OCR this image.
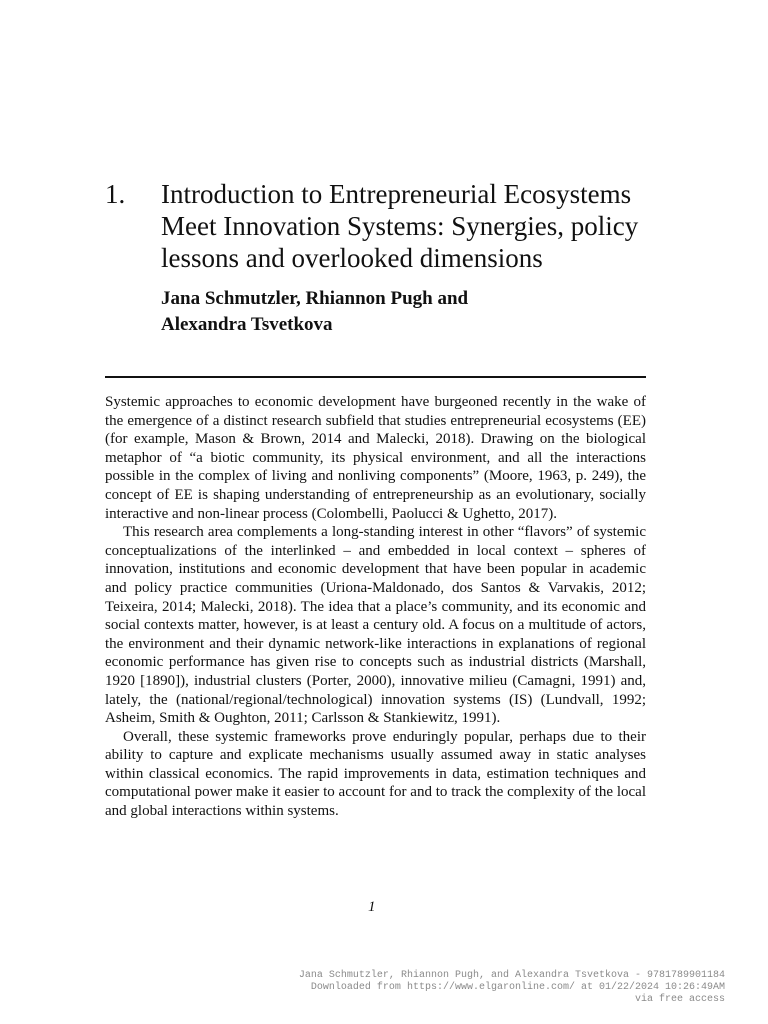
1. Introduction to Entrepreneurial Ecosystems Meet Innovation Systems: Synergies, policy lessons and overlooked dimensions
Jana Schmutzler, Rhiannon Pugh and
Alexandra Tsvetkova

Systemic approaches to economic development have burgeoned recently in the wake of the emergence of a distinct research subfield that studies entrepreneurial ecosystems (EE) (for example, Mason & Brown, 2014 and Malecki, 2018). Drawing on the biological metaphor of “a biotic community, its physical environment, and all the interactions possible in the complex of living and nonliving components” (Moore, 1963, p. 249), the concept of EE is shaping understanding of entrepreneurship as an evolutionary, socially interactive and non-linear process (Colombelli, Paolucci & Ughetto, 2017).

This research area complements a long-standing interest in other “flavors” of systemic conceptualizations of the interlinked – and embedded in local context – spheres of innovation, institutions and economic development that have been popular in academic and policy practice communities (Uriona-Maldonado, dos Santos & Varvakis, 2012; Teixeira, 2014; Malecki, 2018). The idea that a place’s community, and its economic and social contexts matter, however, is at least a century old. A focus on a multitude of actors, the environment and their dynamic network-like interactions in explanations of regional economic performance has given rise to concepts such as industrial districts (Marshall, 1920 [1890]), industrial clusters (Porter, 2000), innovative milieu (Camagni, 1991) and, lately, the (national/regional/technological) innovation systems (IS) (Lundvall, 1992; Asheim, Smith & Oughton, 2011; Carlsson & Stankiewitz, 1991).

Overall, these systemic frameworks prove enduringly popular, perhaps due to their ability to capture and explicate mechanisms usually assumed away in static analyses within classical economics. The rapid improvements in data, estimation techniques and computational power make it easier to account for and to track the complexity of the local and global interactions within systems.

1
Jana Schmutzler, Rhiannon Pugh, and Alexandra Tsvetkova - 9781789901184
Downloaded from https://www.elgaronline.com/ at 01/22/2024 10:26:49AM
via free access
